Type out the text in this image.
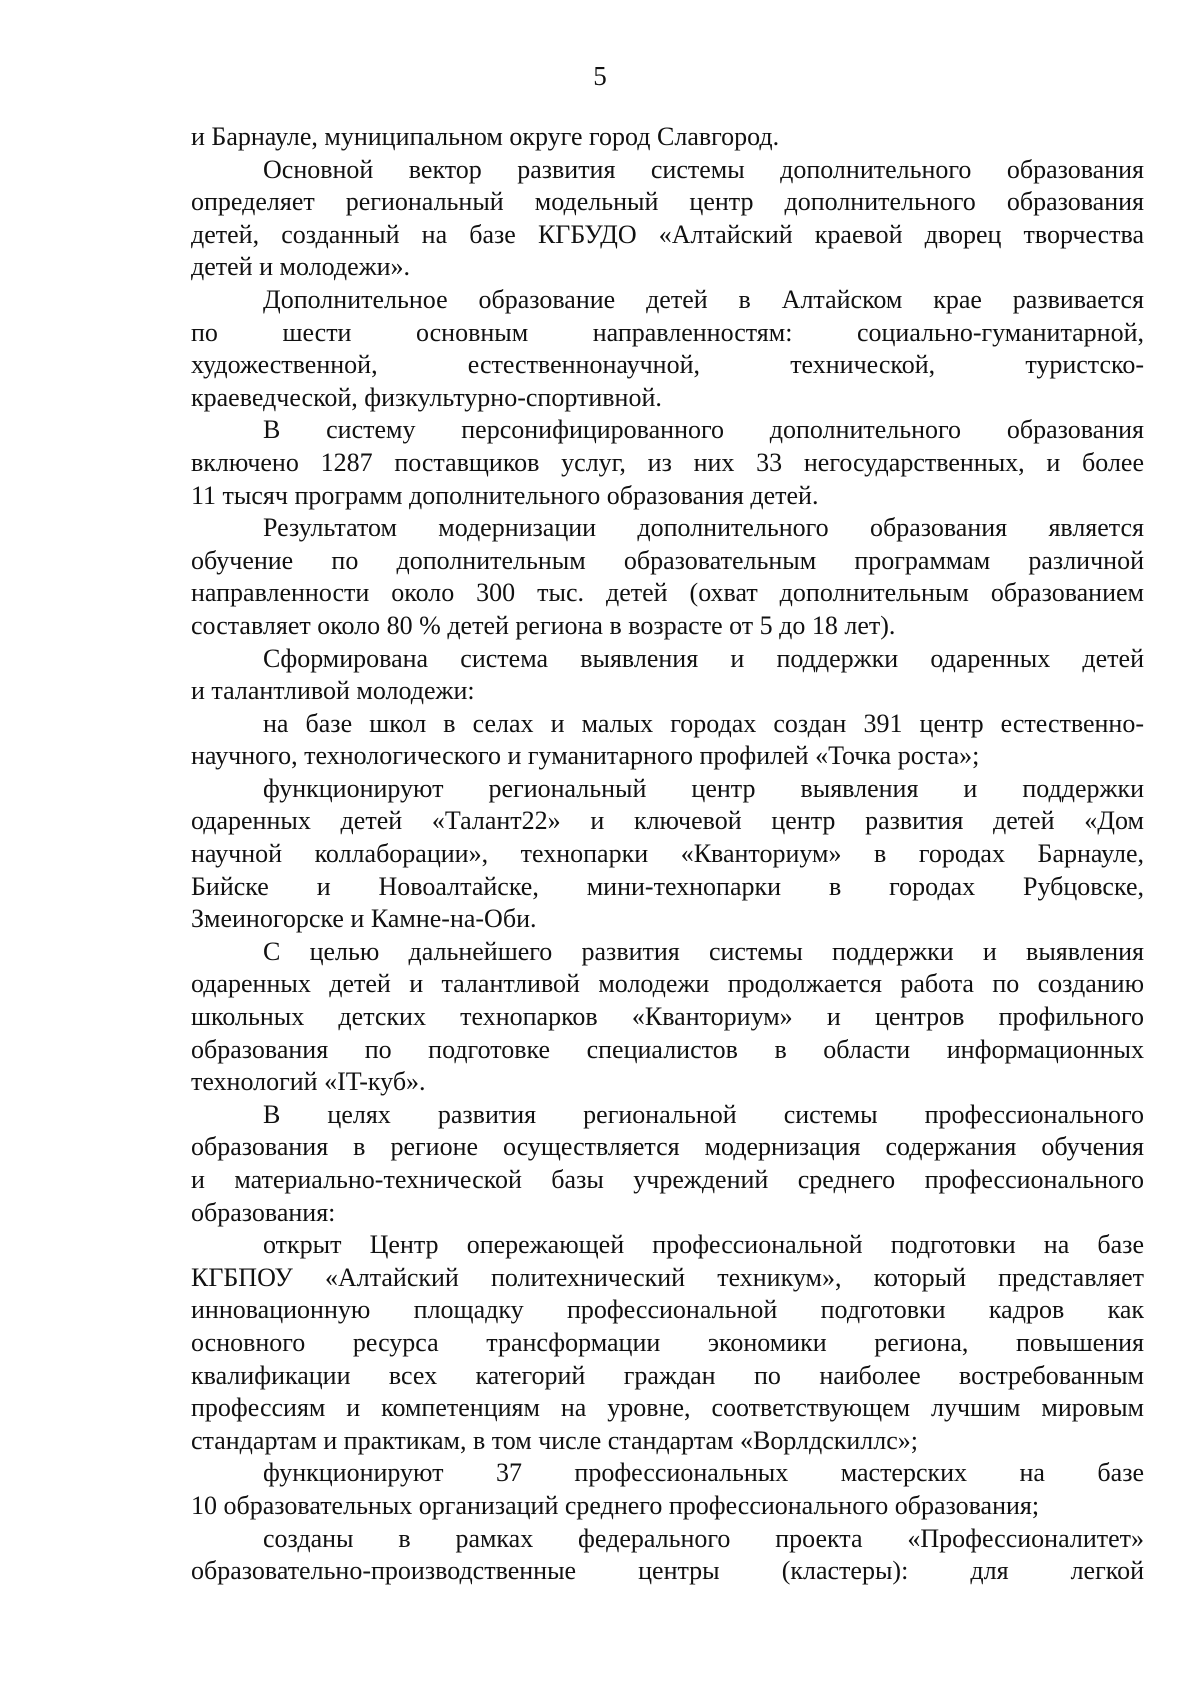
5
и Барнауле, муниципальном округе город Славгород.
Основной вектор развития системы дополнительного образования
определяет региональный модельный центр дополнительного образования
детей, созданный на базе КГБУДО «Алтайский краевой дворец творчества
детей и молодежи».
Дополнительное образование детей в Алтайском крае развивается
по шести основным направленностям: социально-гуманитарной,
художественной, естественнонаучной, технической, туристско-
краеведческой, физкультурно-спортивной.
В систему персонифицированного дополнительного образования
включено 1287 поставщиков услуг, из них 33 негосударственных, и более
11 тысяч программ дополнительного образования детей.
Результатом модернизации дополнительного образования является
обучение по дополнительным образовательным программам различной
направленности около 300 тыс. детей (охват дополнительным образованием
составляет около 80 % детей региона в возрасте от 5 до 18 лет).
Сформирована система выявления и поддержки одаренных детей
и талантливой молодежи:
на базе школ в селах и малых городах создан 391 центр естественно-
научного, технологического и гуманитарного профилей «Точка роста»;
функционируют региональный центр выявления и поддержки
одаренных детей «Талант22» и ключевой центр развития детей «Дом
научной коллаборации», технопарки «Кванториум» в городах Барнауле,
Бийске и Новоалтайске, мини-технопарки в городах Рубцовске,
Змеиногорске и Камне-на-Оби.
С целью дальнейшего развития системы поддержки и выявления
одаренных детей и талантливой молодежи продолжается работа по созданию
школьных детских технопарков «Кванториум» и центров профильного
образования по подготовке специалистов в области информационных
технологий «IT-куб».
В целях развития региональной системы профессионального
образования в регионе осуществляется модернизация содержания обучения
и материально-технической базы учреждений среднего профессионального
образования:
открыт Центр опережающей профессиональной подготовки на базе
КГБПОУ «Алтайский политехнический техникум», который представляет
инновационную площадку профессиональной подготовки кадров как
основного ресурса трансформации экономики региона, повышения
квалификации всех категорий граждан по наиболее востребованным
профессиям и компетенциям на уровне, соответствующем лучшим мировым
стандартам и практикам, в том числе стандартам «Ворлдскиллс»;
функционируют 37 профессиональных мастерских на базе
10 образовательных организаций среднего профессионального образования;
созданы в рамках федерального проекта «Профессионалитет»
образовательно-производственные центры (кластеры): для легкой
